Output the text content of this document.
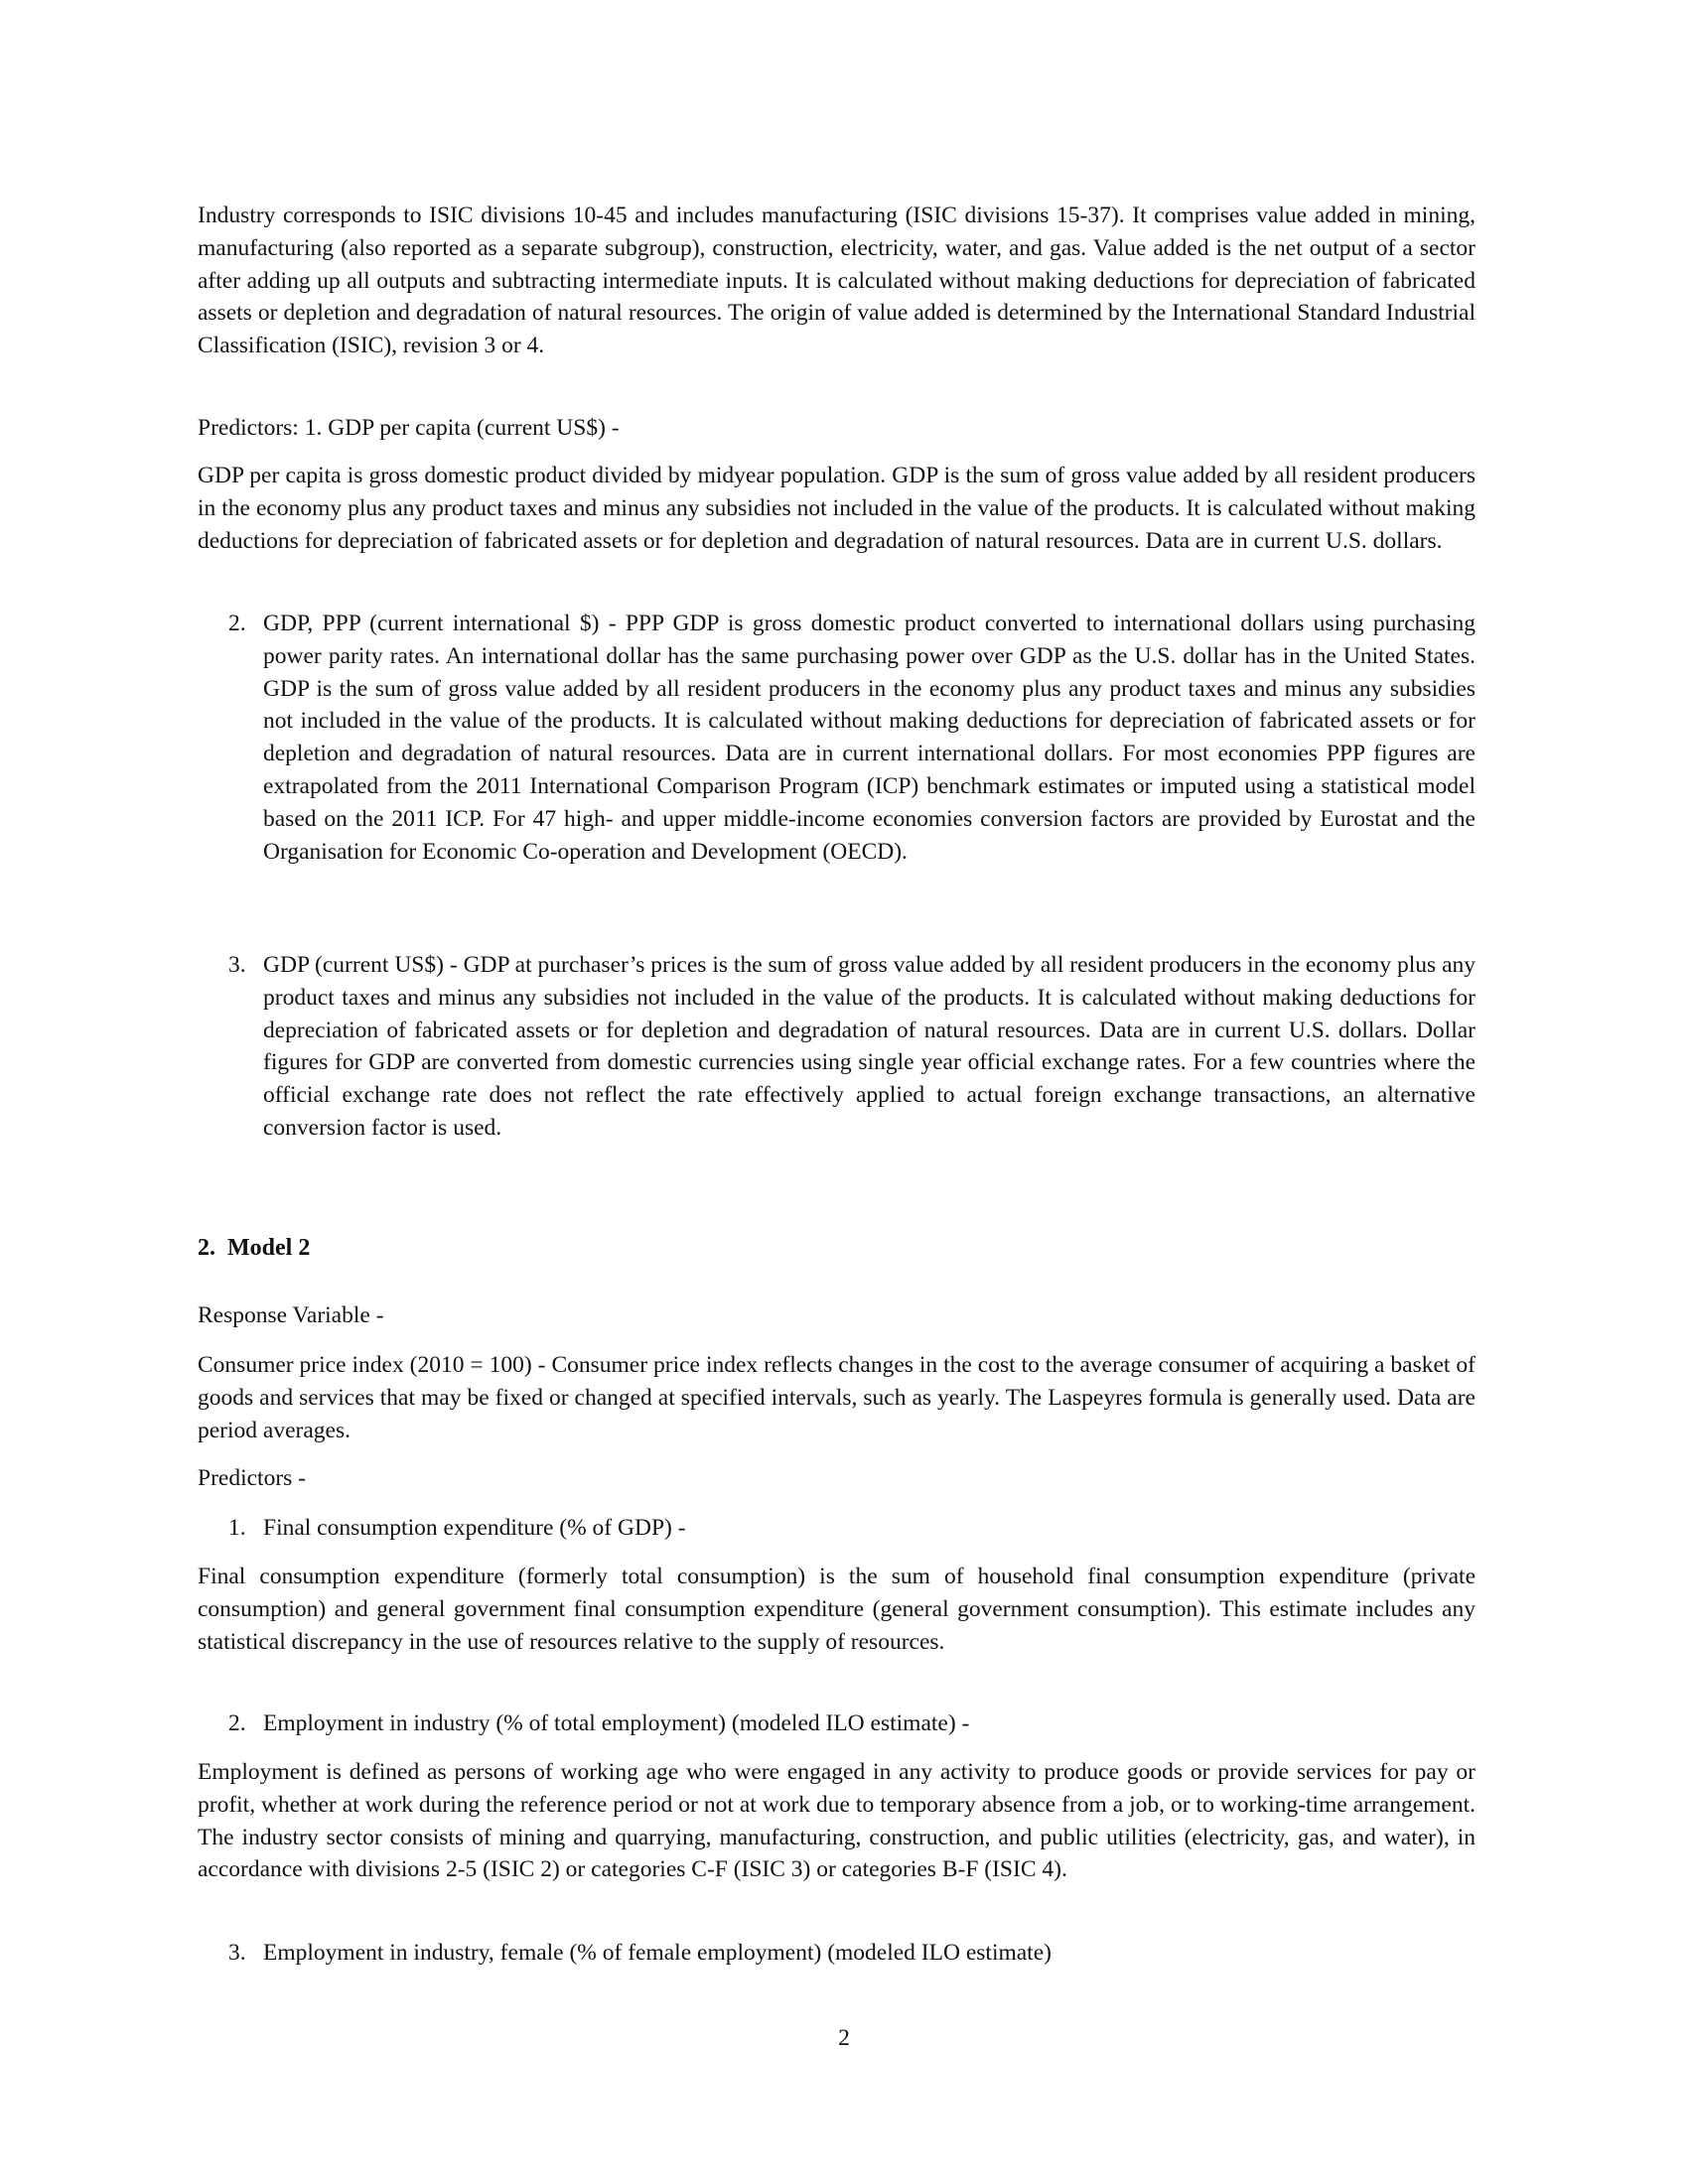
Industry corresponds to ISIC divisions 10-45 and includes manufacturing (ISIC divisions 15-37). It comprises value added in mining, manufacturing (also reported as a separate subgroup), construction, electricity, water, and gas. Value added is the net output of a sector after adding up all outputs and subtracting intermediate inputs. It is calculated without making deductions for depreciation of fabricated assets or depletion and degradation of natural resources. The origin of value added is determined by the International Standard Industrial Classification (ISIC), revision 3 or 4.

Predictors: 1. GDP per capita (current US$) -

GDP per capita is gross domestic product divided by midyear population. GDP is the sum of gross value added by all resident producers in the economy plus any product taxes and minus any subsidies not included in the value of the products. It is calculated without making deductions for depreciation of fabricated assets or for depletion and degradation of natural resources. Data are in current U.S. dollars.

2. GDP, PPP (current international $) - PPP GDP is gross domestic product converted to international dollars using purchasing power parity rates. An international dollar has the same purchasing power over GDP as the U.S. dollar has in the United States. GDP is the sum of gross value added by all resident producers in the economy plus any product taxes and minus any subsidies not included in the value of the products. It is calculated without making deductions for depreciation of fabricated assets or for depletion and degradation of natural resources. Data are in current international dollars. For most economies PPP figures are extrapolated from the 2011 International Comparison Program (ICP) benchmark estimates or imputed using a statistical model based on the 2011 ICP. For 47 high- and upper middle-income economies conversion factors are provided by Eurostat and the Organisation for Economic Co-operation and Development (OECD).
3. GDP (current US$) - GDP at purchaser’s prices is the sum of gross value added by all resident producers in the economy plus any product taxes and minus any subsidies not included in the value of the products. It is calculated without making deductions for depreciation of fabricated assets or for depletion and degradation of natural resources. Data are in current U.S. dollars. Dollar figures for GDP are converted from domestic currencies using single year official exchange rates. For a few countries where the official exchange rate does not reflect the rate effectively applied to actual foreign exchange transactions, an alternative conversion factor is used.
2.  Model 2

Response Variable -

Consumer price index (2010 = 100) - Consumer price index reflects changes in the cost to the average consumer of acquiring a basket of goods and services that may be fixed or changed at specified intervals, such as yearly. The Laspeyres formula is generally used. Data are period averages.

Predictors -

1. Final consumption expenditure (% of GDP) -

Final consumption expenditure (formerly total consumption) is the sum of household final consumption expenditure (private consumption) and general government final consumption expenditure (general government consumption). This estimate includes any statistical discrepancy in the use of resources relative to the supply of resources.

2. Employment in industry (% of total employment) (modeled ILO estimate) -

Employment is defined as persons of working age who were engaged in any activity to produce goods or provide services for pay or profit, whether at work during the reference period or not at work due to temporary absence from a job, or to working-time arrangement. The industry sector consists of mining and quarrying, manufacturing, construction, and public utilities (electricity, gas, and water), in accordance with divisions 2-5 (ISIC 2) or categories C-F (ISIC 3) or categories B-F (ISIC 4).

3. Employment in industry, female (% of female employment) (modeled ILO estimate)
2
